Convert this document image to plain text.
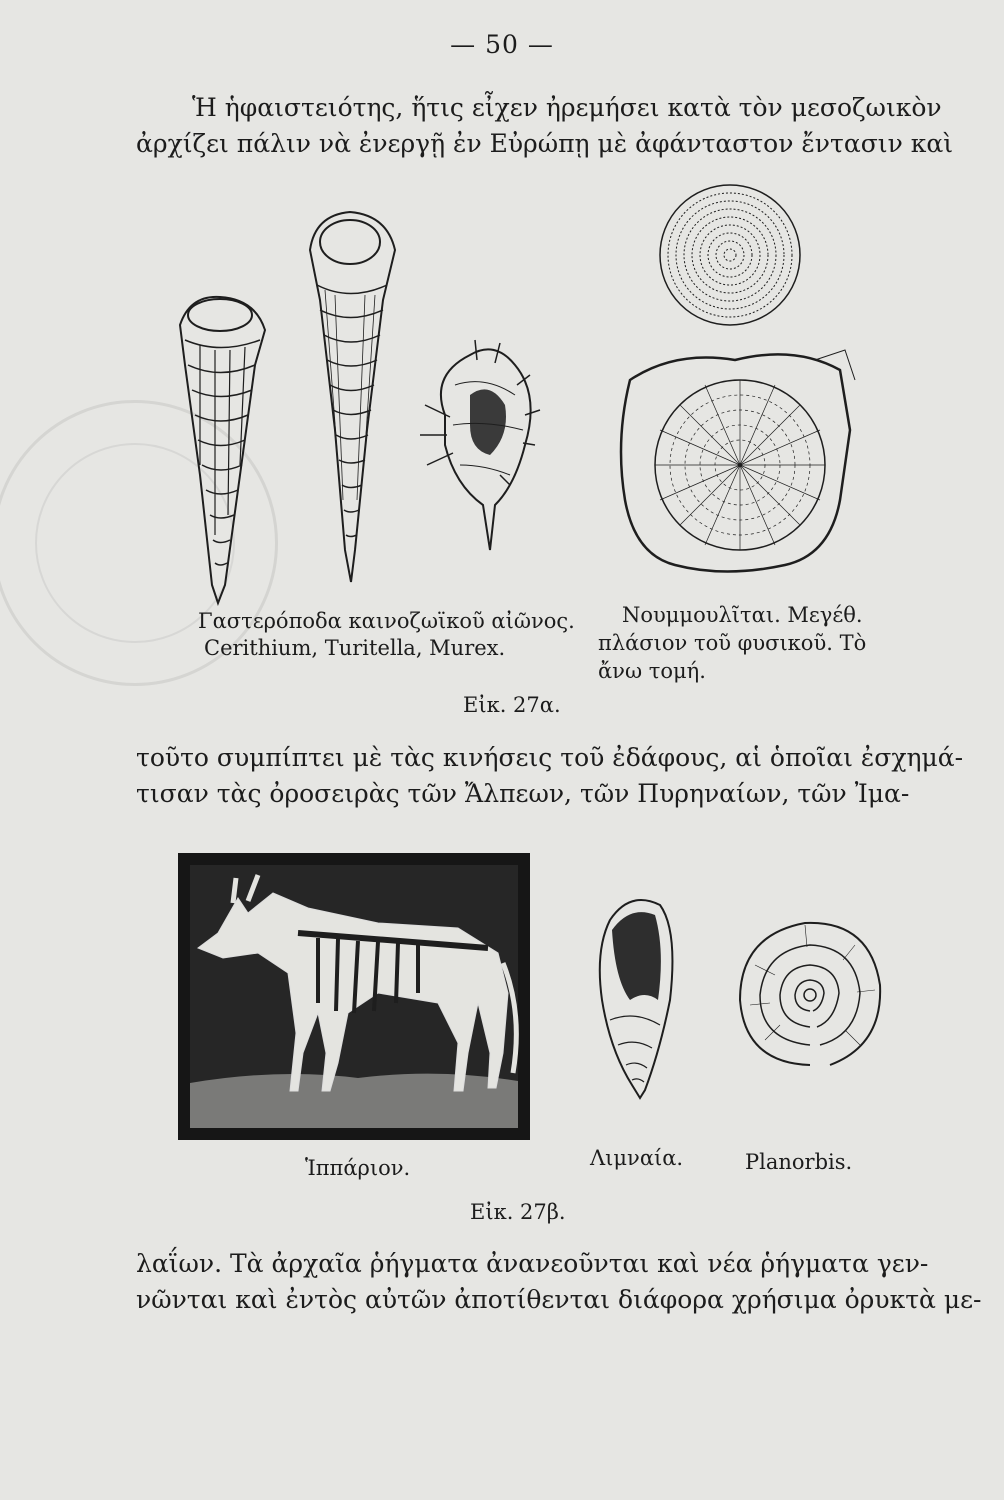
— 50 —
Ἡ ἡφαιστειότης, ἥτις εἶχεν ἠρεμήσει κατὰ τὸν μεσοζωικὸν
ἀρχίζει πάλιν νὰ ἐνεργῇ ἐν Εὐρώπῃ μὲ ἀφάνταστον ἔντασιν καὶ
Γαστερόποδα καινοζωϊκοῦ αἰῶνος.
Cerithium, Turitella, Murex.
Νουμμουλῖται. Μεγέθ.
πλάσιον τοῦ φυσικοῦ. Τὸ
ἄνω τομή.
Εἰκ. 27α.
τοῦτο συμπίπτει μὲ τὰς κινήσεις τοῦ ἐδάφους, αἱ ὁποῖαι ἐσχημά-
τισαν τὰς ὀροσειρὰς τῶν Ἄλπεων, τῶν Πυρηναίων, τῶν Ἰμα-
Ἱππάριον.	Λιμναία.	Planorbis.
Εἰκ. 27β.
λαΐων. Τὰ ἀρχαῖα ῥήγματα ἀνανεοῦνται καὶ νέα ῥήγματα γεν-
νῶνται καὶ ἐντὸς αὐτῶν ἀποτίθενται διάφορα χρήσιμα ὀρυκτὰ με-
